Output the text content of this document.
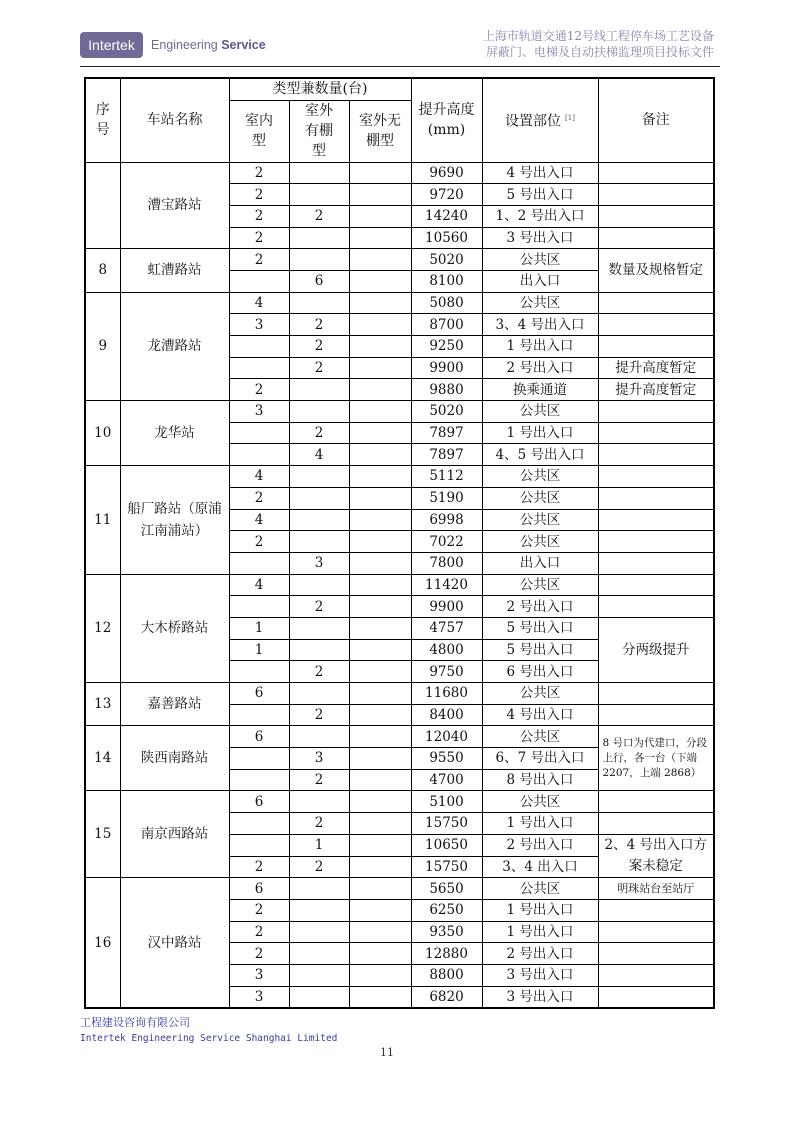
Intertek	Engineering Service
上海市轨道交通12号线工程停车场工艺设备
屏蔽门、电梯及自动扶梯监理项目投标文件
序号	车站名称	类型兼数量(台)			提升高度(mm)	设置部位 [1]	备注
		室内型	室外有棚型	室外无棚型			
	漕宝路站	2			9690	4 号出入口	
		2			9720	5 号出入口	
		2	2		14240	1、2 号出入口	
		2			10560	3 号出入口	
8	虹漕路站	2			5020	公共区	数量及规格暂定
			6		8100	出入口	
9	龙漕路站	4			5080	公共区	
		3	2		8700	3、4 号出入口	
			2		9250	1 号出入口	
			2		9900	2 号出入口	提升高度暂定
		2			9880	换乘通道	提升高度暂定
10	龙华站	3			5020	公共区	
			2		7897	1 号出入口	
			4		7897	4、5 号出入口	
11	船厂路站（原浦江南浦站）	4			5112	公共区	
		2			5190	公共区	
		4			6998	公共区	
		2			7022	公共区	
			3		7800	出入口	
12	大木桥路站	4			11420	公共区	
			2		9900	2 号出入口	
		1			4757	5 号出入口	分两级提升
		1			4800	5 号出入口	
			2		9750	6 号出入口	
13	嘉善路站	6			11680	公共区	
			2		8400	4 号出入口	
14	陕西南路站	6			12040	公共区	8 号口为代建口，分段上行，各一台（下端 2207，上端 2868）
			3		9550	6、7 号出入口	
			2		4700	8 号出入口	
15	南京西路站	6			5100	公共区	
			2		15750	1 号出入口	
			1		10650	2 号出入口	2、4 号出入口方案未稳定
		2	2		15750	3、4 出入口	
16	汉中路站	6			5650	公共区	明珠站台至站厅
		2			6250	1 号出入口	
		2			9350	1 号出入口	
		2			12880	2 号出入口	
		3			8800	3 号出入口	
		3			6820	3 号出入口	
工程建设咨询有限公司
Intertek Engineering Service Shanghai Limited
11
